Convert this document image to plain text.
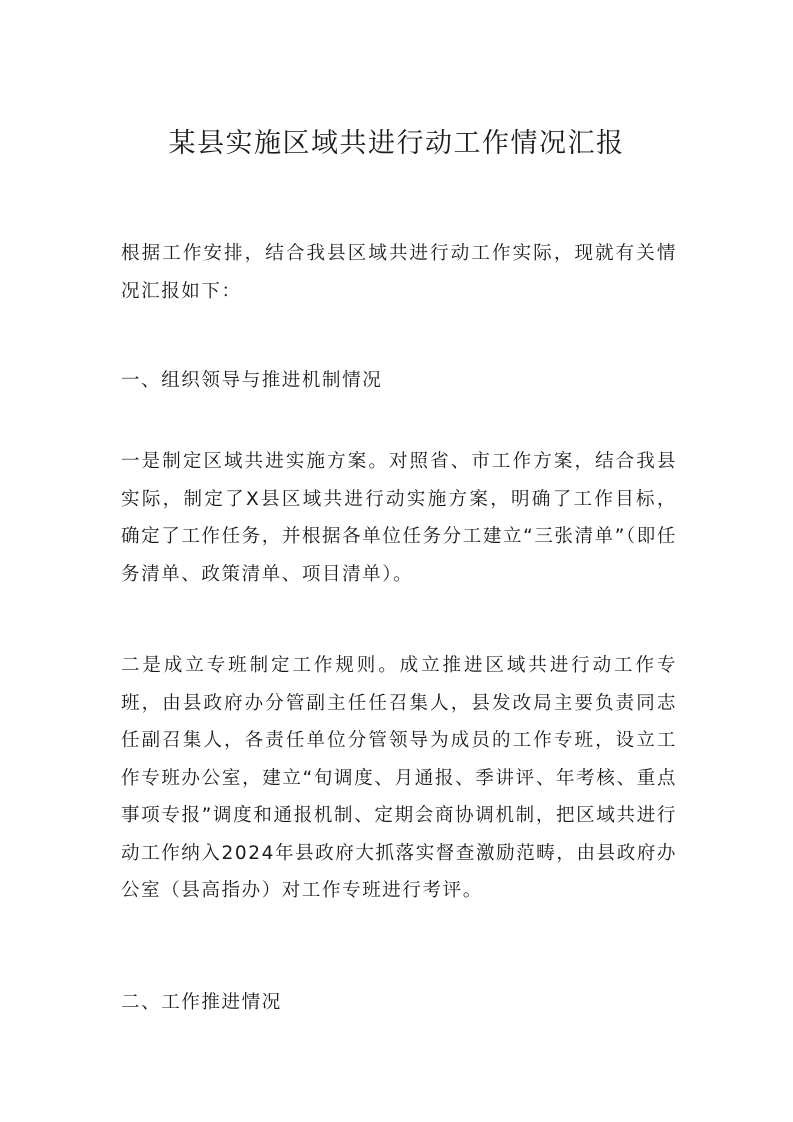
某县实施区域共进行动工作情况汇报

根据工作安排，结合我县区域共进行动工作实际，现就有关情况汇报如下：

一、组织领导与推进机制情况

一是制定区域共进实施方案。对照省、市工作方案，结合我县实际，制定了X县区域共进行动实施方案，明确了工作目标，确定了工作任务，并根据各单位任务分工建立“三张清单”（即任务清单、政策清单、项目清单）。

二是成立专班制定工作规则。成立推进区域共进行动工作专班，由县政府办分管副主任任召集人，县发改局主要负责同志任副召集人，各责任单位分管领导为成员的工作专班，设立工作专班办公室，建立“旬调度、月通报、季讲评、年考核、重点事项专报”调度和通报机制、定期会商协调机制，把区域共进行动工作纳入2024年县政府大抓落实督查激励范畴，由县政府办公室（县高指办）对工作专班进行考评。

二、工作推进情况
